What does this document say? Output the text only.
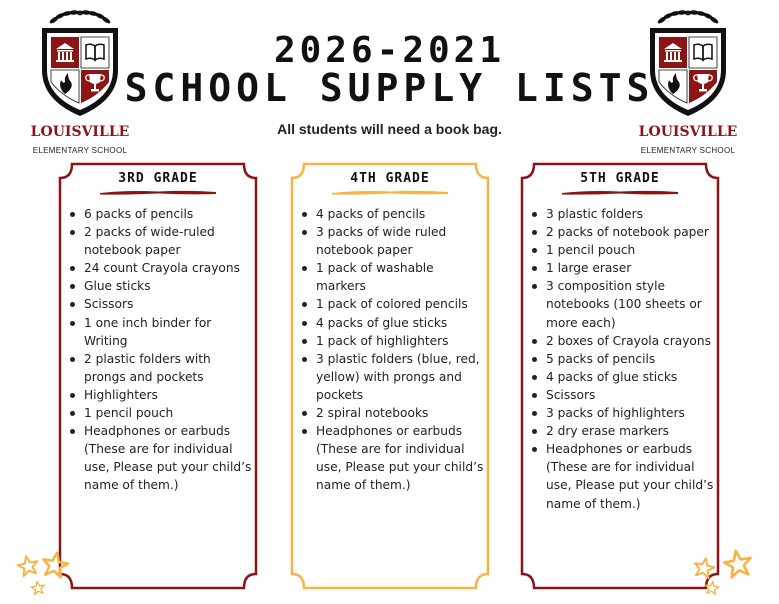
LOUISVILLE
ELEMENTARY SCHOOL
LOUISVILLE
ELEMENTARY SCHOOL
2026-2021
SCHOOL SUPPLY LISTS
All students will need a book bag.
3RD GRADE
6 packs of pencils
2 packs of wide-ruled notebook paper
24 count Crayola crayons
Glue sticks
Scissors
1 one inch binder for Writing
2 plastic folders with prongs and pockets
Highlighters
1 pencil pouch
Headphones or earbuds (These are for individual use, Please put your child’s name of them.)
4TH GRADE
4 packs of pencils
3 packs of wide ruled notebook paper
1 pack of washable markers
1 pack of colored pencils
4 packs of glue sticks
1 pack of highlighters
3 plastic folders (blue, red, yellow) with prongs and pockets
2 spiral notebooks
Headphones or earbuds (These are for individual use, Please put your child’s name of them.)
5TH GRADE
3 plastic folders
2 packs of notebook paper
1 pencil pouch
1 large eraser
3 composition style notebooks (100 sheets or more each)
2 boxes of Crayola crayons
5 packs of pencils
4 packs of glue sticks
Scissors
3 packs of highlighters
2 dry erase markers
Headphones or earbuds (These are for individual use, Please put your child’s name of them.)
